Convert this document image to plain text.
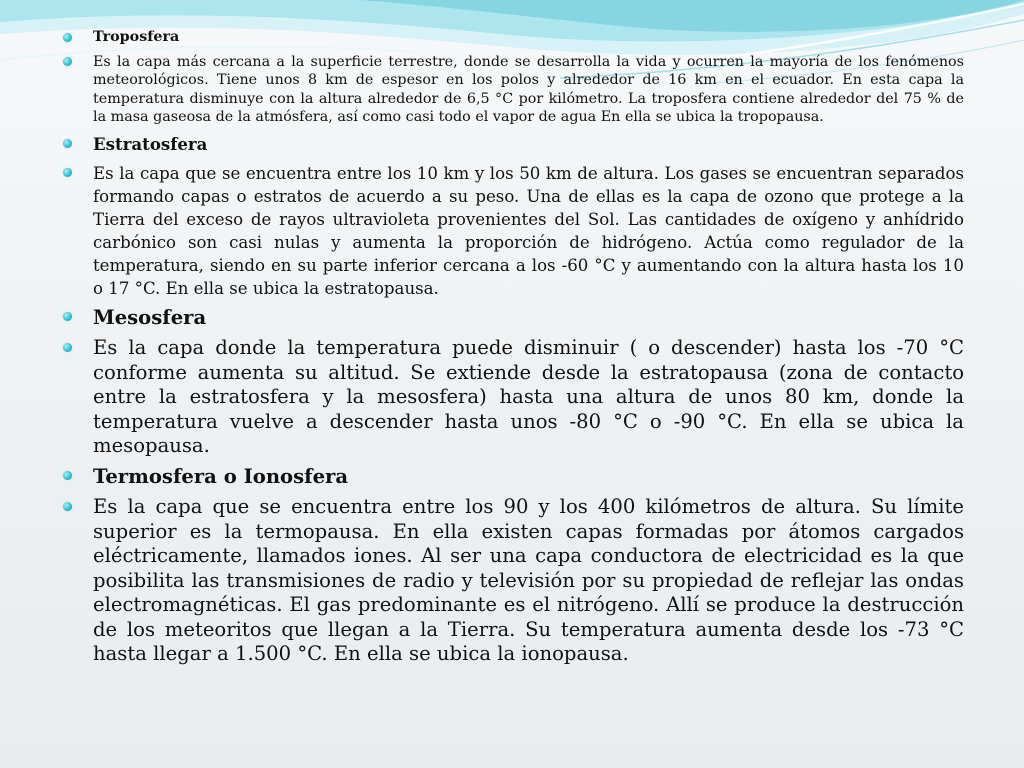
Troposfera
Es la capa más cercana a la superficie terrestre, donde se desarrolla la vida y ocurren la mayoría de los fenómenos meteorológicos. Tiene unos 8 km de espesor en los polos y alrededor de 16 km en el ecuador. En esta capa la temperatura disminuye con la altura alrededor de 6,5 °C por kilómetro. La troposfera contiene alrededor del 75 % de la masa gaseosa de la atmósfera, así como casi todo el vapor de agua En ella se ubica la tropopausa.
Estratosfera
Es la capa que se encuentra entre los 10 km y los 50 km de altura. Los gases se encuentran separados formando capas o estratos de acuerdo a su peso. Una de ellas es la capa de ozono que protege a la Tierra del exceso de rayos ultravioleta provenientes del Sol. Las cantidades de oxígeno y anhídrido carbónico son casi nulas y aumenta la proporción de hidrógeno. Actúa como regulador de la temperatura, siendo en su parte inferior cercana a los -60 °C y aumentando con la altura hasta los 10 o 17 °C. En ella se ubica la estratopausa.
Mesosfera
Es la capa donde la temperatura puede disminuir ( o descender) hasta los -70 °C conforme aumenta su altitud. Se extiende desde la estratopausa (zona de contacto entre la estratosfera y la mesosfera) hasta una altura de unos 80 km, donde la temperatura vuelve a descender hasta unos -80 °C o -90 °C. En ella se ubica la mesopausa.
Termosfera o Ionosfera
Es la capa que se encuentra entre los 90 y los 400 kilómetros de altura. Su límite superior es la termopausa. En ella existen capas formadas por átomos cargados eléctricamente, llamados iones. Al ser una capa conductora de electricidad es la que posibilita las transmisiones de radio y televisión por su propiedad de reflejar las ondas electromagnéticas. El gas predominante es el nitrógeno. Allí se produce la destrucción de los meteoritos que llegan a la Tierra. Su temperatura aumenta desde los -73 °C hasta llegar a 1.500 °C. En ella se ubica la ionopausa.
